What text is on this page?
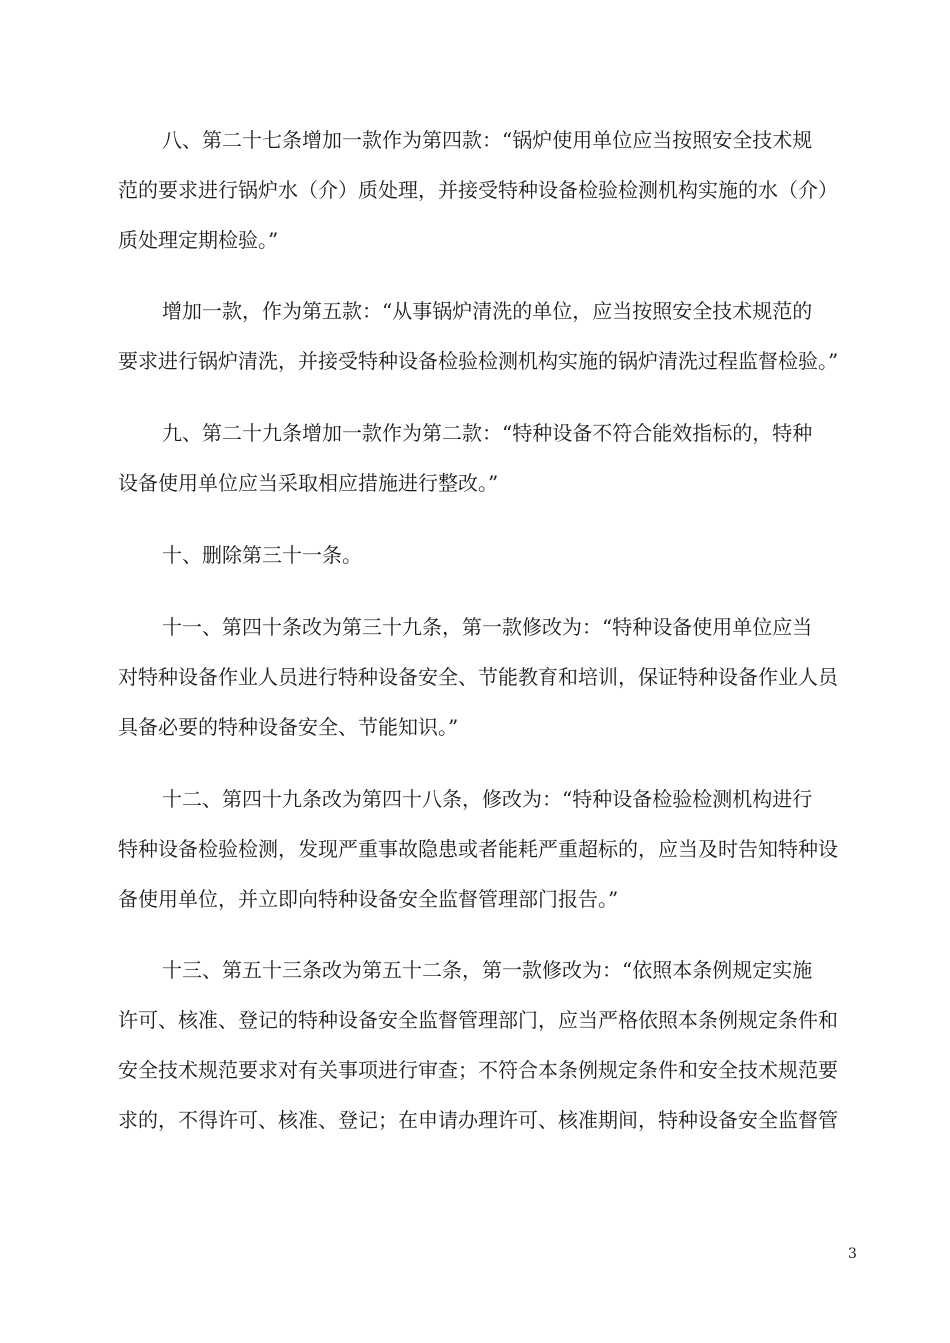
八、第二十七条增加一款作为第四款：“锅炉使用单位应当按照安全技术规
范的要求进行锅炉水（介）质处理，并接受特种设备检验检测机构实施的水（介）
质处理定期检验。”
增加一款，作为第五款：“从事锅炉清洗的单位，应当按照安全技术规范的
要求进行锅炉清洗，并接受特种设备检验检测机构实施的锅炉清洗过程监督检验。”
九、第二十九条增加一款作为第二款：“特种设备不符合能效指标的，特种
设备使用单位应当采取相应措施进行整改。”
十、删除第三十一条。
十一、第四十条改为第三十九条，第一款修改为：“特种设备使用单位应当
对特种设备作业人员进行特种设备安全、节能教育和培训，保证特种设备作业人员
具备必要的特种设备安全、节能知识。”
十二、第四十九条改为第四十八条，修改为：“特种设备检验检测机构进行
特种设备检验检测，发现严重事故隐患或者能耗严重超标的，应当及时告知特种设
备使用单位，并立即向特种设备安全监督管理部门报告。”
十三、第五十三条改为第五十二条，第一款修改为：“依照本条例规定实施
许可、核准、登记的特种设备安全监督管理部门，应当严格依照本条例规定条件和
安全技术规范要求对有关事项进行审查；不符合本条例规定条件和安全技术规范要
求的，不得许可、核准、登记；在申请办理许可、核准期间，特种设备安全监督管
3
